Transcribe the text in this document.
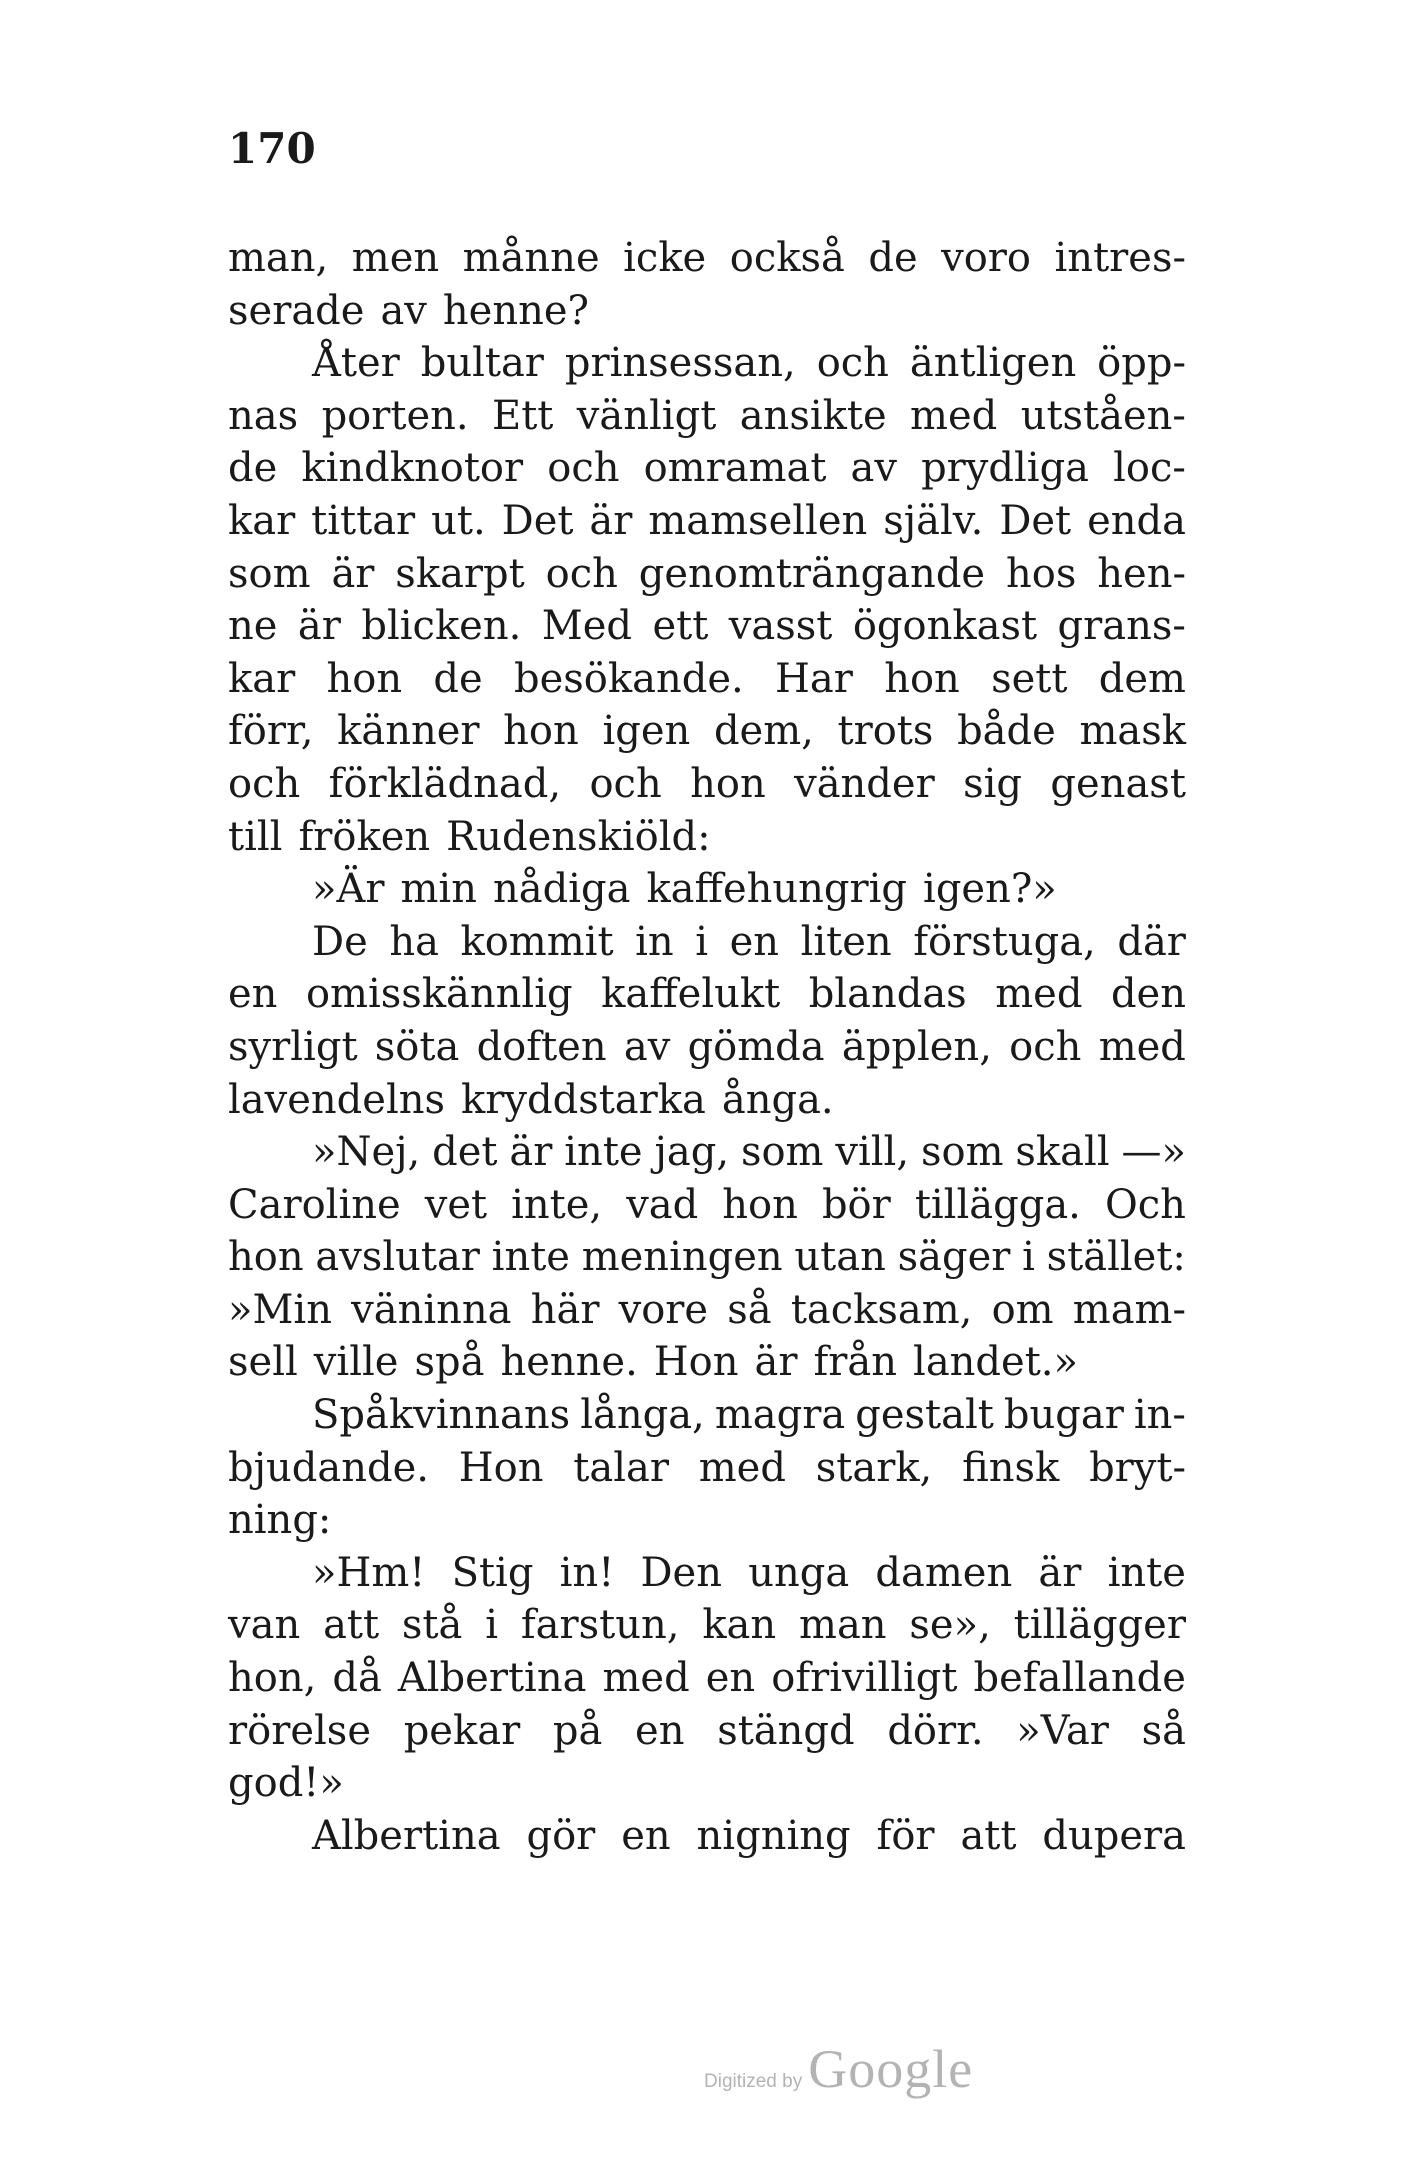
170
man, men månne icke också de voro intres-
serade av henne?
Åter bultar prinsessan, och äntligen öpp-
nas porten. Ett vänligt ansikte med utståen-
de kindknotor och omramat av prydliga loc-
kar tittar ut. Det är mamsellen själv. Det enda
som är skarpt och genomträngande hos hen-
ne är blicken. Med ett vasst ögonkast grans-
kar hon de besökande. Har hon sett dem
förr, känner hon igen dem, trots både mask
och förklädnad, och hon vänder sig genast
till fröken Rudenskiöld:
»Är min nådiga kaffehungrig igen?»
De ha kommit in i en liten förstuga, där
en omisskännlig kaffelukt blandas med den
syrligt söta doften av gömda äpplen, och med
lavendelns kryddstarka ånga.
»Nej, det är inte jag, som vill, som skall —»
Caroline vet inte, vad hon bör tillägga. Och
hon avslutar inte meningen utan säger i stället:
»Min väninna här vore så tacksam, om mam-
sell ville spå henne. Hon är från landet.»
Spåkvinnans långa, magra gestalt bugar in-
bjudande. Hon talar med stark, finsk bryt-
ning:
»Hm! Stig in! Den unga damen är inte
van att stå i farstun, kan man se», tillägger
hon, då Albertina med en ofrivilligt befallande
rörelse pekar på en stängd dörr. »Var så
god!»
Albertina gör en nigning för att dupera
Digitized by Google
